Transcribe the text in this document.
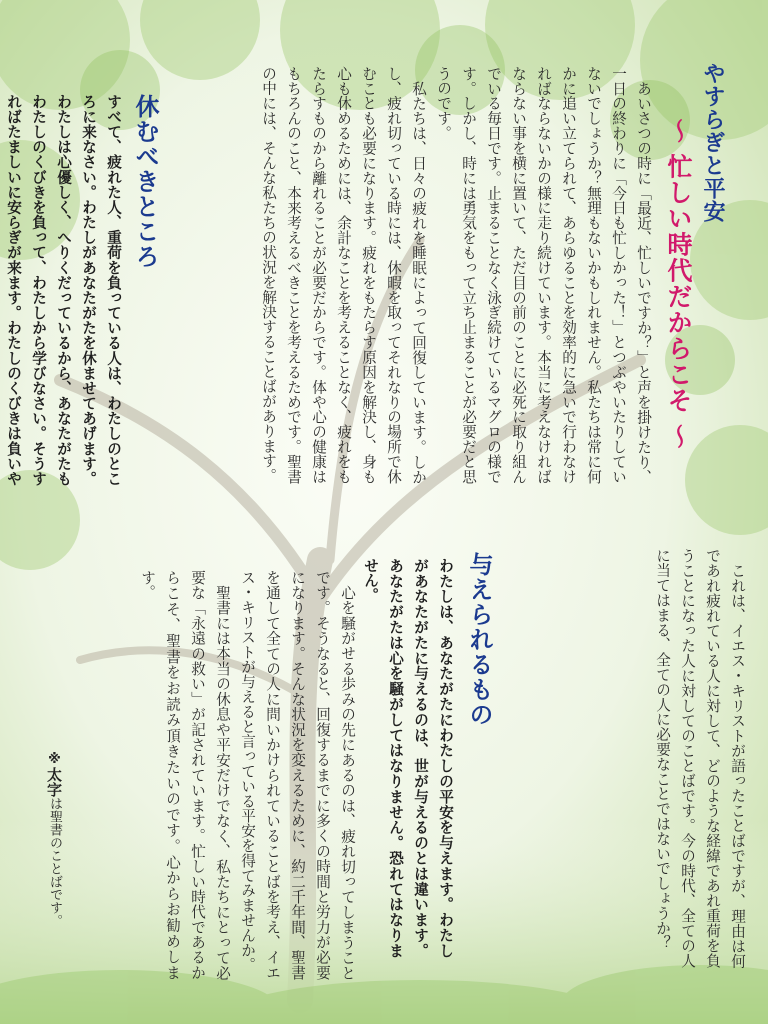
やすらぎと平安
～ 忙しい時代だからこそ ～

あいさつの時に「最近、忙しいですか？」と声を掛けたり、一日の終わりに「今日も忙しかった！」とつぶやいたりしていないでしょうか？無理もないかもしれません。私たちは常に何かに追い立てられて、あらゆることを効率的に急いで行わなければならないかの様に走り続けています。本当に考えなければならない事を横に置いて、ただ目の前のことに必死に取り組んでいる毎日です。止まることなく泳ぎ続けているマグロの様です。しかし、時には勇気をもって立ち止まることが必要だと思うのです。

私たちは、日々の疲れを睡眠によって回復しています。しかし、疲れ切っている時には、休暇を取ってそれなりの場所で休むことも必要になります。疲れをもたらす原因を解決し、身も心も休めるためには、余計なことを考えることなく、疲れをもたらすものから離れることが必要だからです。体や心の健康はもちろんのこと、本来考えるべきことを考えるためです。聖書の中には、そんな私たちの状況を解決することばがあります。

休むべきところ

すべて、疲れた人、重荷を負っている人は、わたしのところに来なさい。わたしがあなたがたを休ませてあげます。わたしは心優しく、へりくだっているから、あなたがたもわたしのくびきを負って、わたしから学びなさい。そうすればたましいに安らぎが来ます。わたしのくびきは負いや

これは、イエス・キリストが語ったことばですが、理由は何であれ疲れている人に対して、どのような経緯であれ重荷を負うことになった人に対してのことばです。今の時代、全ての人に当てはまる、全ての人に必要なことではないでしょうか？

与えられるもの

わたしは、あなたがたにわたしの平安を与えます。わたしがあなたがたに与えるのは、世が与えるのとは違います。あなたがたは心を騒がしてはなりません。恐れてはなりません。

心を騒がせる歩みの先にあるのは、疲れ切ってしまうことです。そうなると、回復するまでに多くの時間と労力が必要になります。そんな状況を変えるために、約二千年間、聖書を通して全ての人に問いかけられていることばを考え、イエス・キリストが与えると言っている平安を得てみませんか。

聖書には本当の休息や平安だけでなく、私たちにとって必要な「永遠の救い」が記されています。忙しい時代であるからこそ、聖書をお読み頂きたいのです。心からお勧めします。

※太字は聖書のことばです。
